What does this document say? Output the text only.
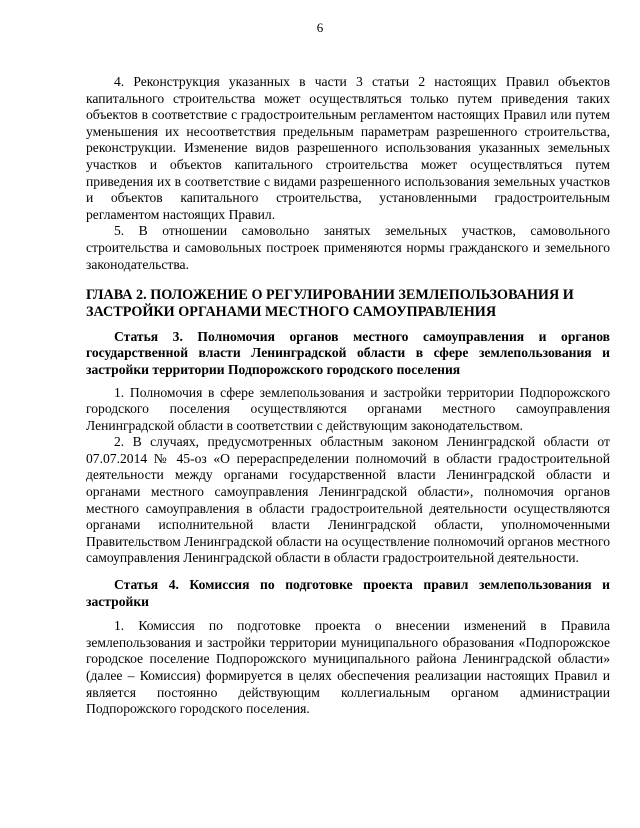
6

4. Реконструкция указанных в части 3 статьи 2 настоящих Правил объектов капитального строительства может осуществляться только путем приведения таких объектов в соответствие с градостроительным регламентом настоящих Правил или путем уменьшения их несоответствия предельным параметрам разрешенного строительства, реконструкции. Изменение видов разрешенного использования указанных земельных участков и объектов капитального строительства может осуществляться путем приведения их в соответствие с видами разрешенного использования земельных участков и объектов капитального строительства, установленными градостроительным регламентом настоящих Правил.

5. В отношении самовольно занятых земельных участков, самовольного строительства и самовольных построек применяются нормы гражданского и земельного законодательства.

ГЛАВА 2. ПОЛОЖЕНИЕ О РЕГУЛИРОВАНИИ ЗЕМЛЕПОЛЬЗОВАНИЯ И ЗАСТРОЙКИ ОРГАНАМИ МЕСТНОГО САМОУПРАВЛЕНИЯ

Статья 3. Полномочия органов местного самоуправления и органов государственной власти Ленинградской области в сфере землепользования и застройки территории Подпорожского городского поселения

1. Полномочия в сфере землепользования и застройки территории Подпорожского городского поселения осуществляются органами местного самоуправления Ленинградской области в соответствии с действующим законодательством.

2. В случаях, предусмотренных областным законом Ленинградской области от 07.07.2014 № 45-оз «О перераспределении полномочий в области градостроительной деятельности между органами государственной власти Ленинградской области и органами местного самоуправления Ленинградской области», полномочия органов местного самоуправления в области градостроительной деятельности осуществляются органами исполнительной власти Ленинградской области, уполномоченными Правительством Ленинградской области на осуществление полномочий органов местного самоуправления Ленинградской области в области градостроительной деятельности.

Статья 4. Комиссия по подготовке проекта правил землепользования и застройки

1. Комиссия по подготовке проекта о внесении изменений в Правила землепользования и застройки территории муниципального образования «Подпорожское городское поселение Подпорожского муниципального района Ленинградской области» (далее – Комиссия) формируется в целях обеспечения реализации настоящих Правил и является постоянно действующим коллегиальным органом администрации Подпорожского городского поселения.
